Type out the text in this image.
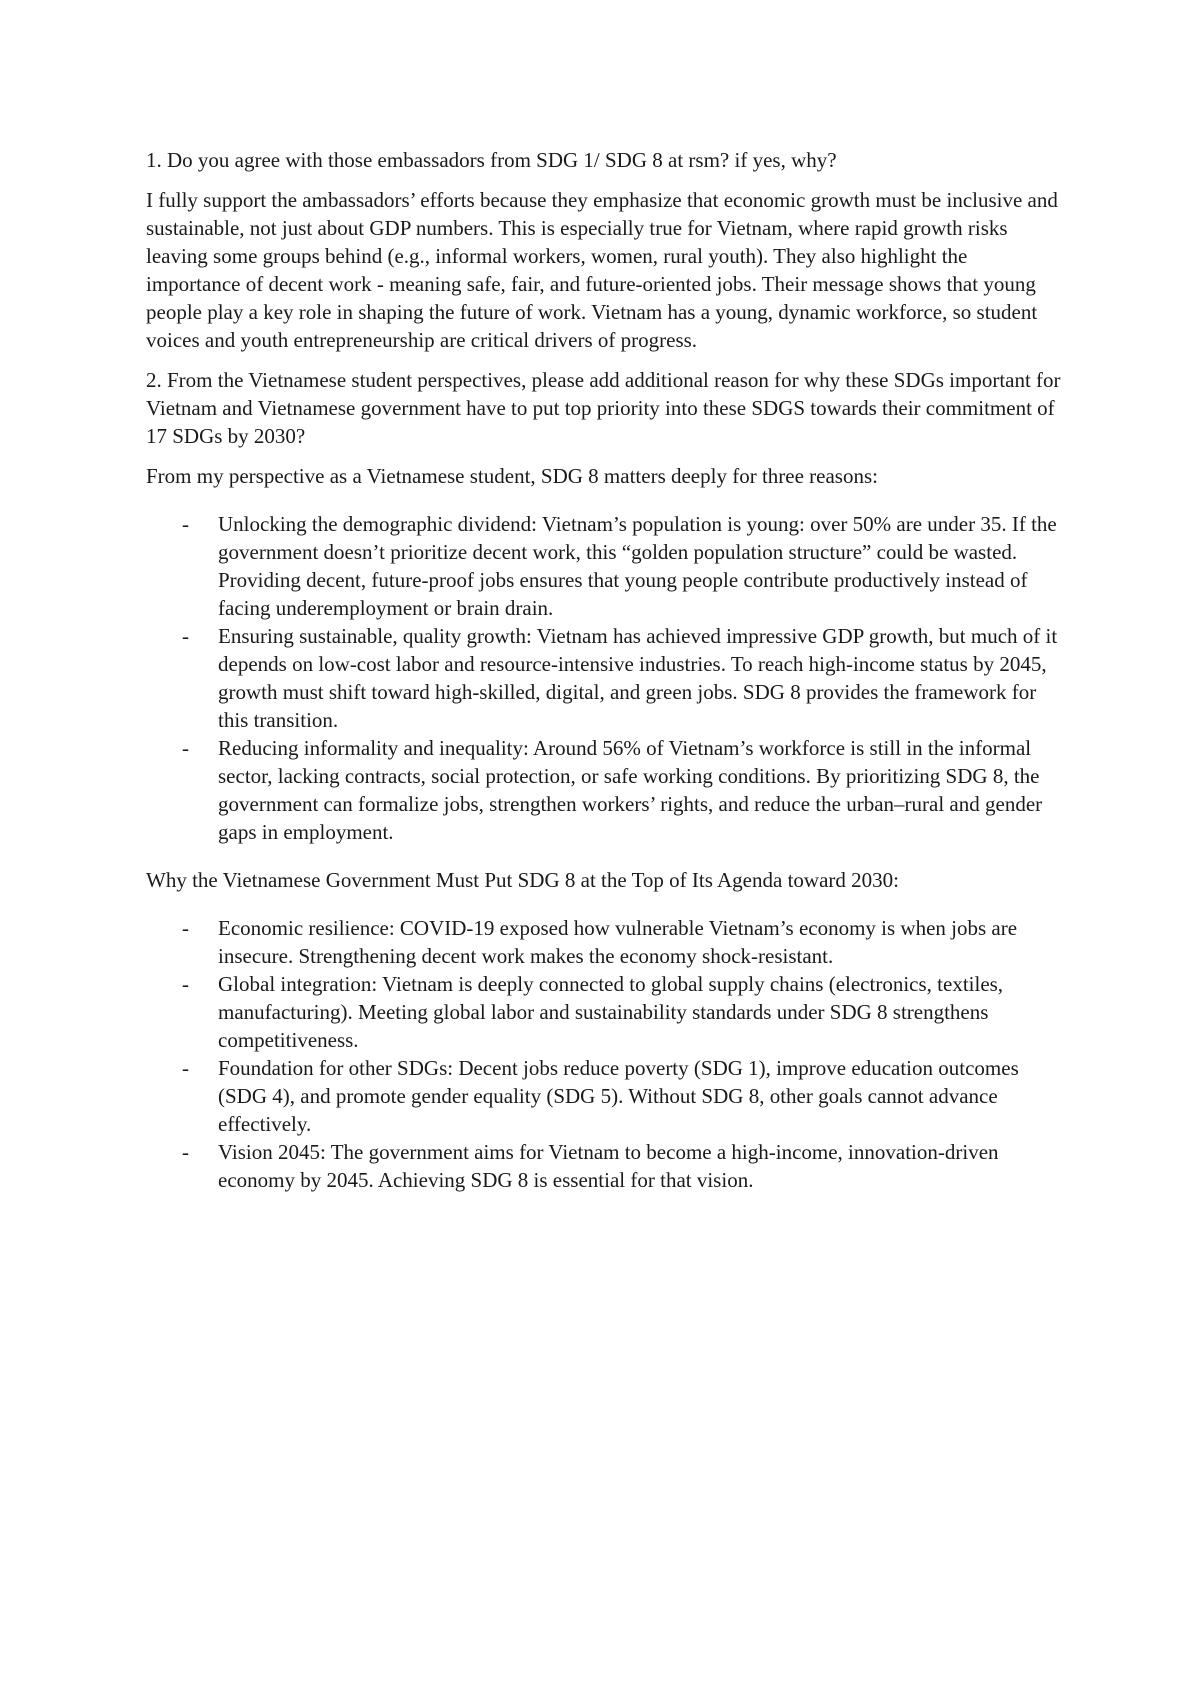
1. Do you agree with those embassadors from SDG 1/ SDG 8 at rsm? if yes, why?

I fully support the ambassadors’ efforts because they emphasize that economic growth must be inclusive and sustainable, not just about GDP numbers. This is especially true for Vietnam, where rapid growth risks leaving some groups behind (e.g., informal workers, women, rural youth). They also highlight the importance of decent work - meaning safe, fair, and future-oriented jobs. Their message shows that young people play a key role in shaping the future of work. Vietnam has a young, dynamic workforce, so student voices and youth entrepreneurship are critical drivers of progress.

2. From the Vietnamese student perspectives, please add additional reason for why these SDGs important for Vietnam and Vietnamese government have to put top priority into these SDGS towards their commitment of 17 SDGs by 2030?

From my perspective as a Vietnamese student, SDG 8 matters deeply for three reasons:

- Unlocking the demographic dividend: Vietnam’s population is young: over 50% are under 35. If the government doesn’t prioritize decent work, this “golden population structure” could be wasted. Providing decent, future-proof jobs ensures that young people contribute productively instead of facing underemployment or brain drain.
- Ensuring sustainable, quality growth: Vietnam has achieved impressive GDP growth, but much of it depends on low-cost labor and resource-intensive industries. To reach high-income status by 2045, growth must shift toward high-skilled, digital, and green jobs. SDG 8 provides the framework for this transition.
- Reducing informality and inequality: Around 56% of Vietnam’s workforce is still in the informal sector, lacking contracts, social protection, or safe working conditions. By prioritizing SDG 8, the government can formalize jobs, strengthen workers’ rights, and reduce the urban–rural and gender gaps in employment.

Why the Vietnamese Government Must Put SDG 8 at the Top of Its Agenda toward 2030:

- Economic resilience: COVID-19 exposed how vulnerable Vietnam’s economy is when jobs are insecure. Strengthening decent work makes the economy shock-resistant.
- Global integration: Vietnam is deeply connected to global supply chains (electronics, textiles, manufacturing). Meeting global labor and sustainability standards under SDG 8 strengthens competitiveness.
- Foundation for other SDGs: Decent jobs reduce poverty (SDG 1), improve education outcomes (SDG 4), and promote gender equality (SDG 5). Without SDG 8, other goals cannot advance effectively.
- Vision 2045: The government aims for Vietnam to become a high-income, innovation-driven economy by 2045. Achieving SDG 8 is essential for that vision.
